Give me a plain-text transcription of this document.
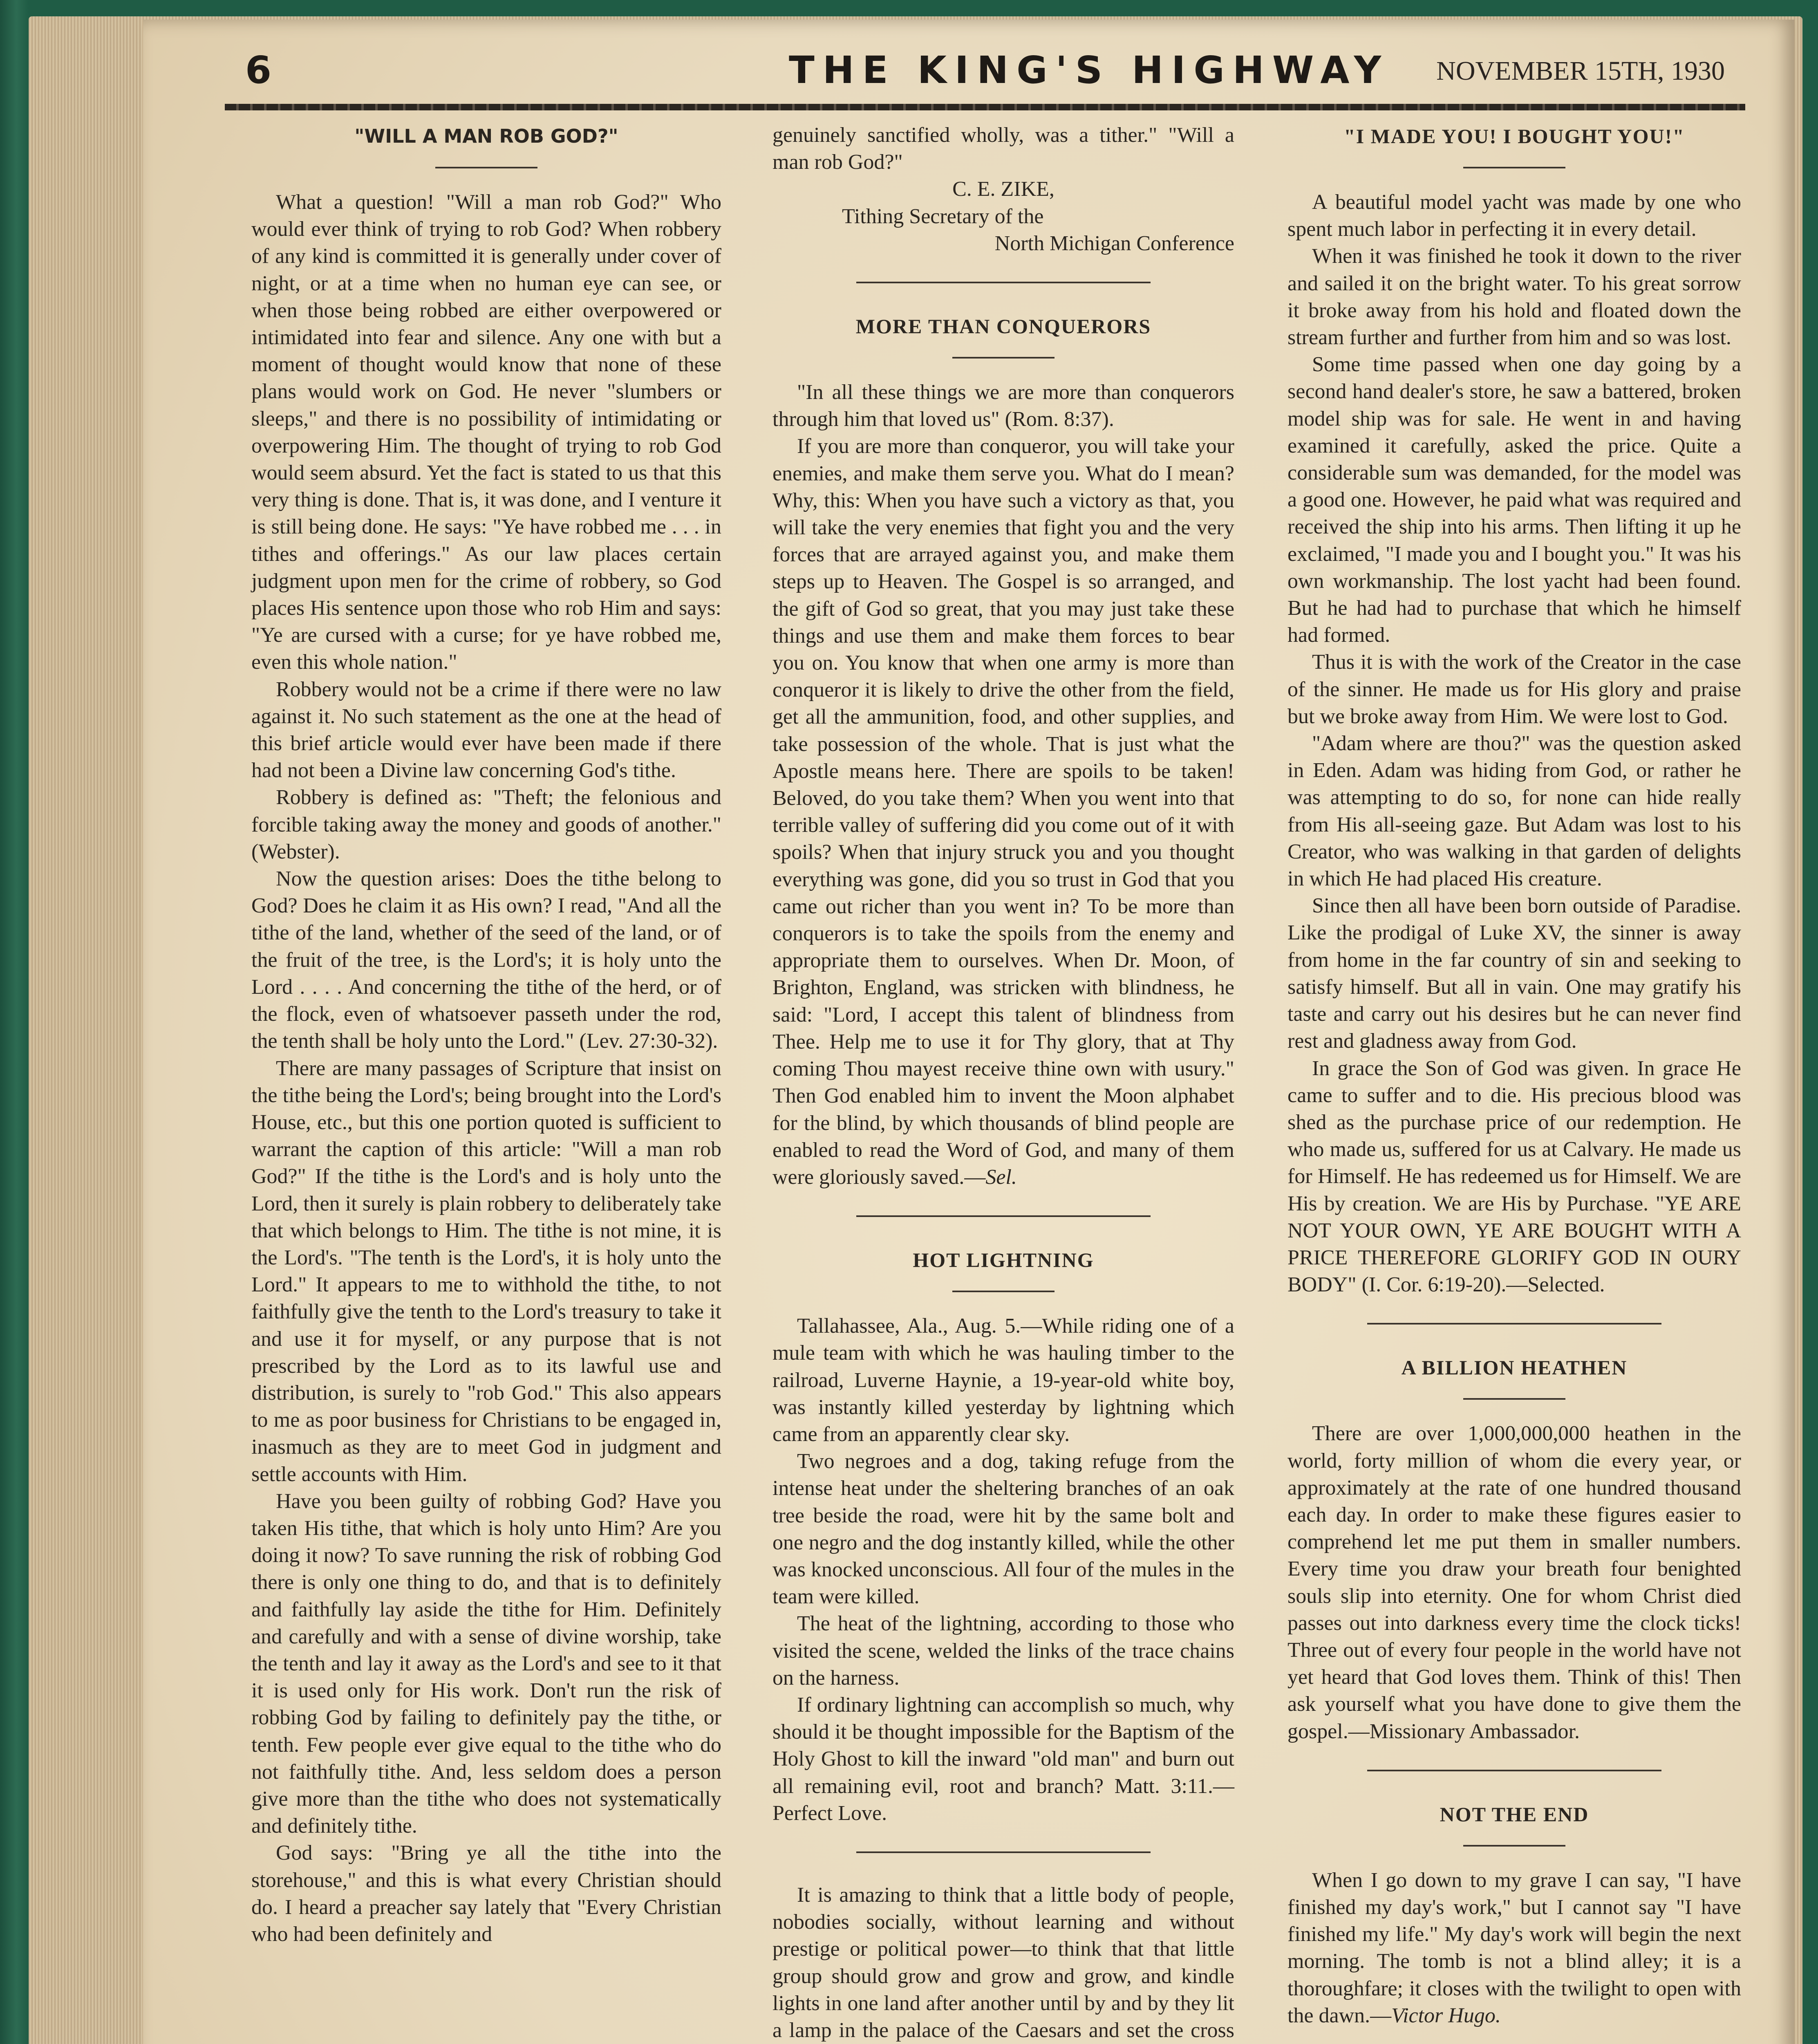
6	THE KING'S HIGHWAY NOVEMBER 15TH, 1930
"WILL A MAN ROB GOD?"

What a question! "Will a man rob God?" Who would ever think of trying to rob God? When robbery of any kind is committed it is generally under cover of night, or at a time when no human eye can see, or when those being robbed are either overpowered or intimidated into fear and silence. Any one with but a moment of thought would know that none of these plans would work on God. He never "slumbers or sleeps," and there is no possibility of intimidating or overpowering Him. The thought of trying to rob God would seem absurd. Yet the fact is stated to us that this very thing is done. That is, it was done, and I venture it is still being done. He says: "Ye have robbed me . . . in tithes and offerings." As our law places certain judgment upon men for the crime of robbery, so God places His sentence upon those who rob Him and says: "Ye are cursed with a curse; for ye have robbed me, even this whole nation."

Robbery would not be a crime if there were no law against it. No such statement as the one at the head of this brief article would ever have been made if there had not been a Divine law concerning God's tithe.

Robbery is defined as: "Theft; the felonious and forcible taking away the money and goods of another." (Webster).

Now the question arises: Does the tithe belong to God? Does he claim it as His own? I read, "And all the tithe of the land, whether of the seed of the land, or of the fruit of the tree, is the Lord's; it is holy unto the Lord . . . . And concerning the tithe of the herd, or of the flock, even of whatsoever passeth under the rod, the tenth shall be holy unto the Lord." (Lev. 27:30-32).

There are many passages of Scripture that insist on the tithe being the Lord's; being brought into the Lord's House, etc., but this one portion quoted is sufficient to warrant the caption of this article: "Will a man rob God?" If the tithe is the Lord's and is holy unto the Lord, then it surely is plain robbery to deliberately take that which belongs to Him. The tithe is not mine, it is the Lord's. "The tenth is the Lord's, it is holy unto the Lord." It appears to me to withhold the tithe, to not faithfully give the tenth to the Lord's treasury to take it and use it for myself, or any purpose that is not prescribed by the Lord as to its lawful use and distribution, is surely to "rob God." This also appears to me as poor business for Christians to be engaged in, inasmuch as they are to meet God in judgment and settle accounts with Him.

Have you been guilty of robbing God? Have you taken His tithe, that which is holy unto Him? Are you doing it now? To save running the risk of robbing God there is only one thing to do, and that is to definitely and faithfully lay aside the tithe for Him. Definitely and carefully and with a sense of divine worship, take the tenth and lay it away as the Lord's and see to it that it is used only for His work. Don't run the risk of robbing God by failing to definitely pay the tithe, or tenth. Few people ever give equal to the tithe who do not faithfully tithe. And, less seldom does a person give more than the tithe who does not systematically and definitely tithe.

God says: "Bring ye all the tithe into the storehouse," and this is what every Christian should do. I heard a preacher say lately that "Every Christian who had been definitely and

genuinely sanctified wholly, was a tither." "Will a man rob God?"

C. E. ZIKE,

Tithing Secretary of the

North Michigan Conference

MORE THAN CONQUERORS

"In all these things we are more than conquerors through him that loved us" (Rom. 8:37).

If you are more than conqueror, you will take your enemies, and make them serve you. What do I mean? Why, this: When you have such a victory as that, you will take the very enemies that fight you and the very forces that are arrayed against you, and make them steps up to Heaven. The Gospel is so arranged, and the gift of God so great, that you may just take these things and use them and make them forces to bear you on. You know that when one army is more than conqueror it is likely to drive the other from the field, get all the ammunition, food, and other supplies, and take possession of the whole. That is just what the Apostle means here. There are spoils to be taken! Beloved, do you take them? When you went into that terrible valley of suffering did you come out of it with spoils? When that injury struck you and you thought everything was gone, did you so trust in God that you came out richer than you went in? To be more than conquerors is to take the spoils from the enemy and appropriate them to ourselves. When Dr. Moon, of Brighton, England, was stricken with blindness, he said: "Lord, I accept this talent of blindness from Thee. Help me to use it for Thy glory, that at Thy coming Thou mayest receive thine own with usury." Then God enabled him to invent the Moon alphabet for the blind, by which thousands of blind people are enabled to read the Word of God, and many of them were gloriously saved.—Sel.

HOT LIGHTNING

Tallahassee, Ala., Aug. 5.—While riding one of a mule team with which he was hauling timber to the railroad, Luverne Haynie, a 19-year-old white boy, was instantly killed yesterday by lightning which came from an apparently clear sky.

Two negroes and a dog, taking refuge from the intense heat under the sheltering branches of an oak tree beside the road, were hit by the same bolt and one negro and the dog instantly killed, while the other was knocked unconscious. All four of the mules in the team were killed.

The heat of the lightning, according to those who visited the scene, welded the links of the trace chains on the harness.

If ordinary lightning can accomplish so much, why should it be thought impossible for the Baptism of the Holy Ghost to kill the inward "old man" and burn out all remaining evil, root and branch? Matt. 3:11.—Perfect Love.

It is amazing to think that a little body of people, nobodies socially, without learning and without prestige or political power—to think that that little group should grow and grow and grow, and kindle lights in one land after another until by and by they lit a lamp in the palace of the Caesars and set the cross

"I MADE YOU! I BOUGHT YOU!"

A beautiful model yacht was made by one who spent much labor in perfecting it in every detail.

When it was finished he took it down to the river and sailed it on the bright water. To his great sorrow it broke away from his hold and floated down the stream further and further from him and so was lost.

Some time passed when one day going by a second hand dealer's store, he saw a battered, broken model ship was for sale. He went in and having examined it carefully, asked the price. Quite a considerable sum was demanded, for the model was a good one. However, he paid what was required and received the ship into his arms. Then lifting it up he exclaimed, "I made you and I bought you." It was his own workmanship. The lost yacht had been found. But he had had to purchase that which he himself had formed.

Thus it is with the work of the Creator in the case of the sinner. He made us for His glory and praise but we broke away from Him. We were lost to God.

"Adam where are thou?" was the question asked in Eden. Adam was hiding from God, or rather he was attempting to do so, for none can hide really from His all-seeing gaze. But Adam was lost to his Creator, who was walking in that garden of delights in which He had placed His creature.

Since then all have been born outside of Paradise. Like the prodigal of Luke XV, the sinner is away from home in the far country of sin and seeking to satisfy himself. But all in vain. One may gratify his taste and carry out his desires but he can never find rest and gladness away from God.

In grace the Son of God was given. In grace He came to suffer and to die. His precious blood was shed as the purchase price of our redemption. He who made us, suffered for us at Calvary. He made us for Himself. He has redeemed us for Himself. We are His by creation. We are His by Purchase. "YE ARE NOT YOUR OWN, YE ARE BOUGHT WITH A PRICE THEREFORE GLORIFY GOD IN OURY BODY" (I. Cor. 6:19-20).—Selected.

A BILLION HEATHEN

There are over 1,000,000,000 heathen in the world, forty million of whom die every year, or approximately at the rate of one hundred thousand each day. In order to make these figures easier to comprehend let me put them in smaller numbers. Every time you draw your breath four benighted souls slip into eternity. One for whom Christ died passes out into darkness every time the clock ticks! Three out of every four people in the world have not yet heard that God loves them. Think of this! Then ask yourself what you have done to give them the gospel.—Missionary Ambassador.

NOT THE END

When I go down to my grave I can say, "I have finished my day's work," but I cannot say "I have finished my life." My day's work will begin the next morning. The tomb is not a blind alley; it is a thoroughfare; it closes with the twilight to open with the dawn.—Victor Hugo.
